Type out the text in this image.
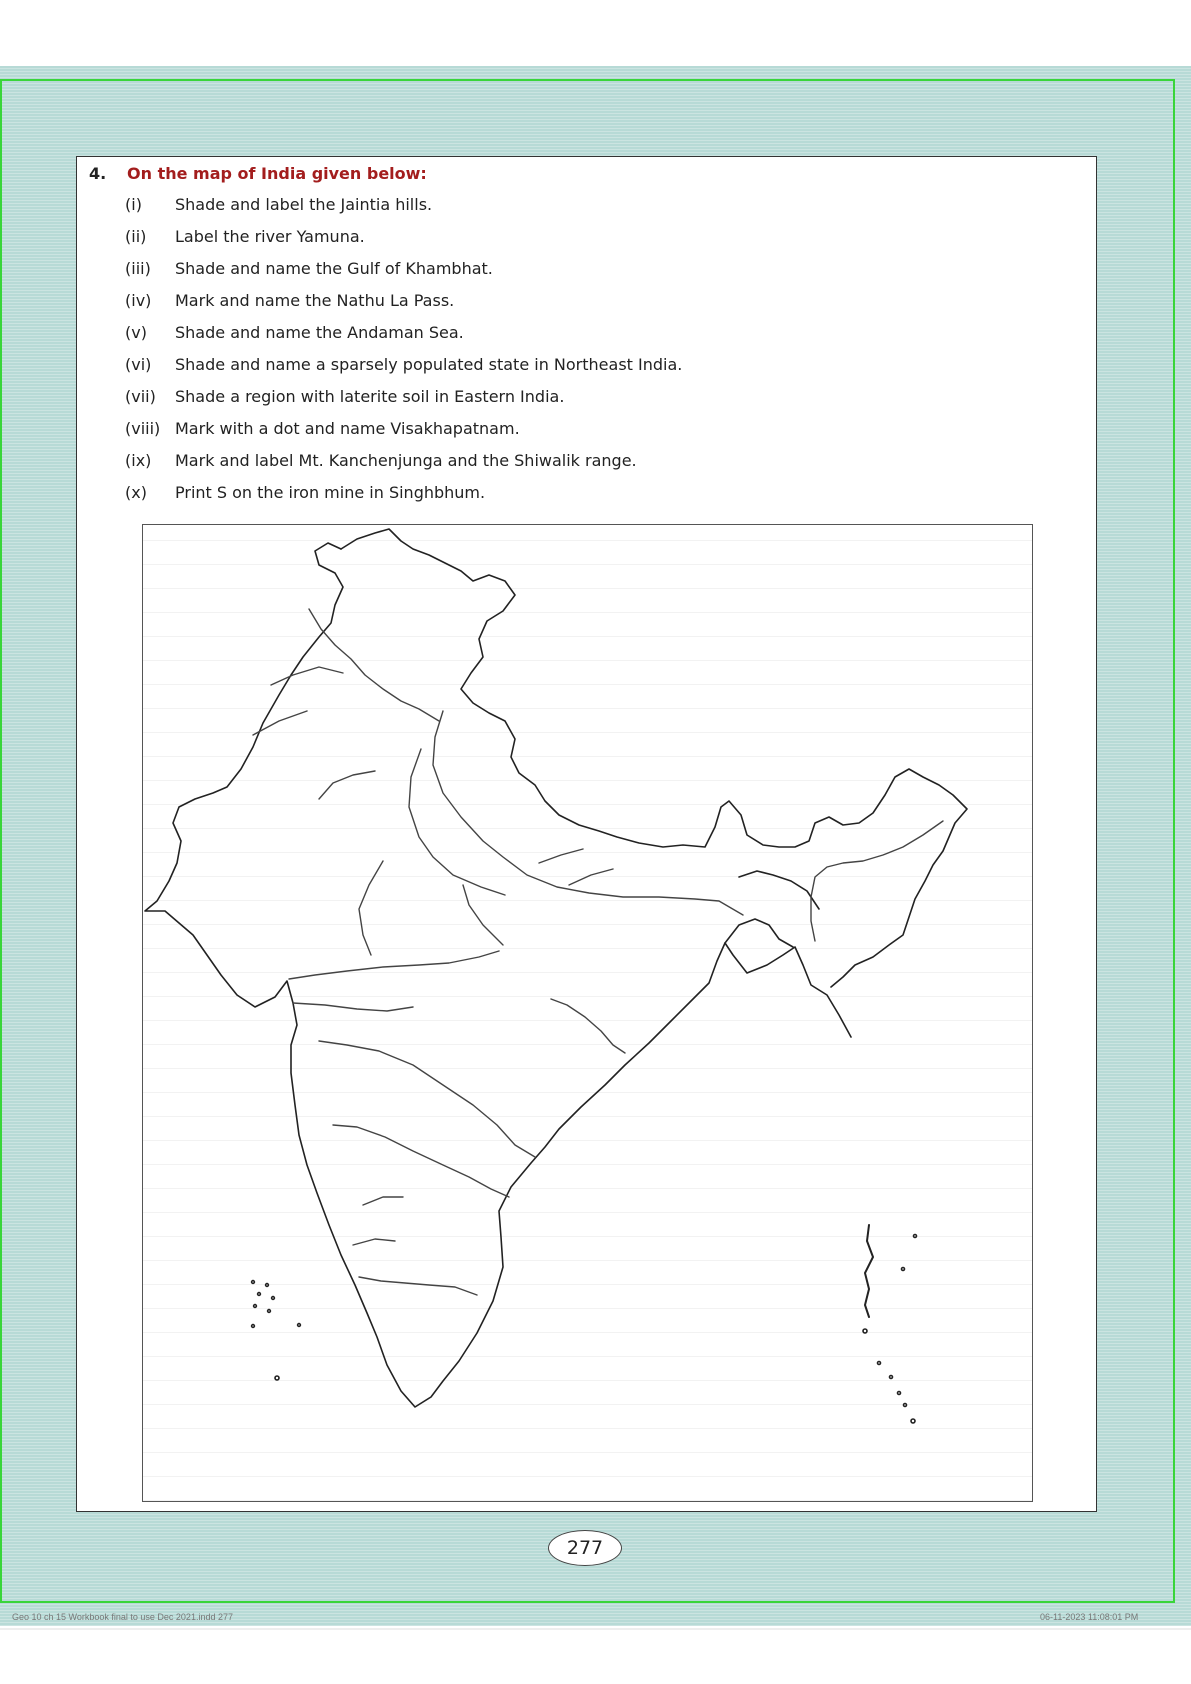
4. On the map of India given below:
(i)	Shade and label the Jaintia hills.
(ii)	Label the river Yamuna.
(iii)	Shade and name the Gulf of Khambhat.
(iv)	Mark and name the Nathu La Pass.
(v)	Shade and name the Andaman Sea.
(vi)	Shade and name a sparsely populated state in Northeast India.
(vii)	Shade a region with laterite soil in Eastern India.
(viii) Mark with a dot and name Visakhapatnam.
(ix)	Mark and label Mt. Kanchenjunga and the Shiwalik range.
(x)	Print S on the iron mine in Singhbhum.
277
Geo 10 ch 15 Workbook final to use Dec 2021.indd 277	06-11-2023 11:08:01 PM
